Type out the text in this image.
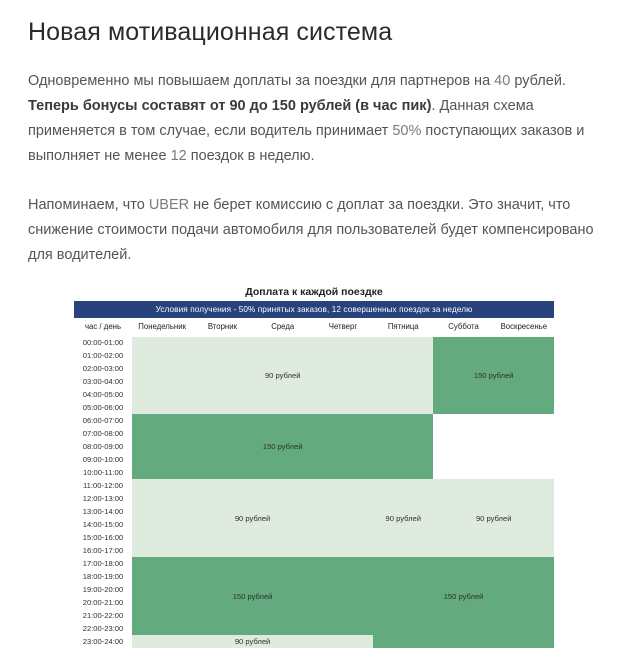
Новая мотивационная система

Одновременно мы повышаем доплаты за поездки для партнеров на 40 рублей. Теперь бонусы составят от 90 до 150 рублей (в час пик). Данная схема применяется в том случае, если водитель принимает 50% поступающих заказов и выполняет не менее 12 поездок в неделю.

Напоминаем, что UBER не берет комиссию с доплат за поездки. Это значит, что снижение стоимости подачи автомобиля для пользователей будет компенсировано для водителей.

Доплата к каждой поездке
Условия получения - 50% принятых заказов, 12 совершенных поездок за неделю
час / день	Понедельник	Вторник	Среда	Четверг	Пятница	Суббота	Воскресенье
00:00-01:00	90 рублей					150 рублей	
01:00-02:00							
02:00-03:00							
03:00-04:00							
04:00-05:00							
05:00-06:00							
06:00-07:00	150 рублей						
07:00-08:00							
08:00-09:00							
09:00-10:00							
10:00-11:00							
11:00-12:00	90 рублей				90 рублей	90 рублей	
12:00-13:00							
13:00-14:00							
14:00-15:00							
15:00-16:00							
16:00-17:00							
17:00-18:00	150 рублей				150 рублей		
18:00-19:00							
19:00-20:00							
20:00-21:00							
21:00-22:00							
22:00-23:00							
23:00-24:00	90 рублей						
